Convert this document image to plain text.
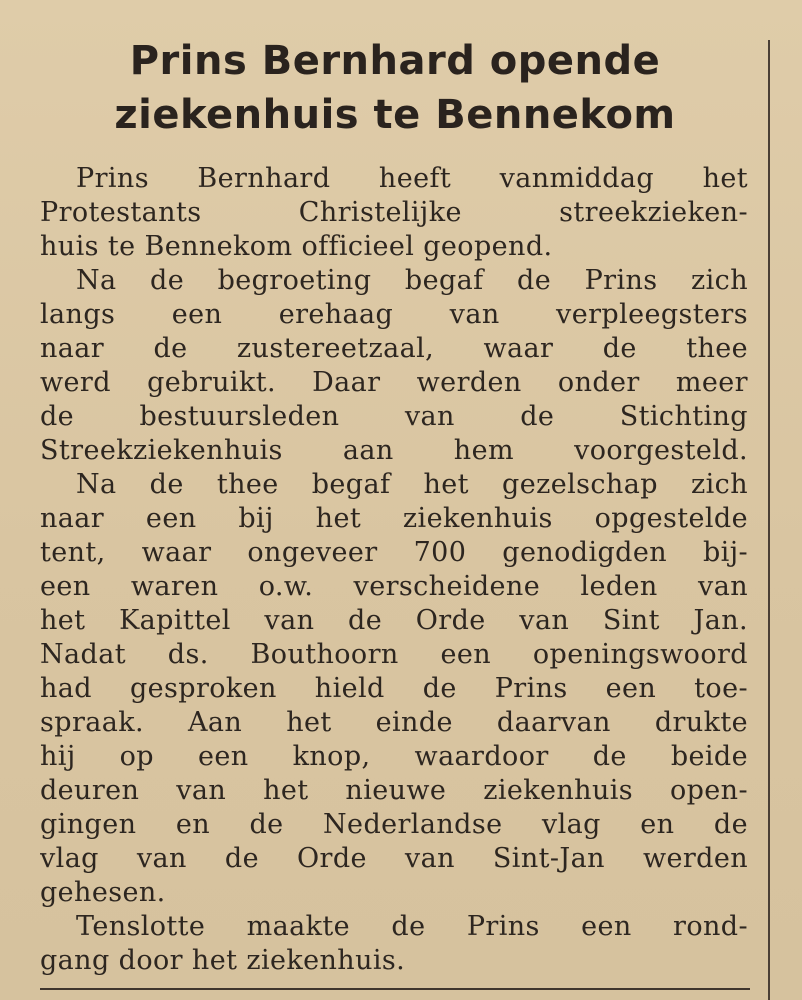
Prins Bernhard opende
ziekenhuis te Bennekom
Prins Bernhard heeft vanmiddag het
Protestants Christelijke streekzieken-
huis te Bennekom officieel geopend.
Na de begroeting begaf de Prins zich
langs een erehaag van verpleegsters
naar de zustereetzaal, waar de thee
werd gebruikt. Daar werden onder meer
de bestuursleden van de Stichting
Streekziekenhuis aan hem voorgesteld.
Na de thee begaf het gezelschap zich
naar een bij het ziekenhuis opgestelde
tent, waar ongeveer 700 genodigden bij-
een waren o.w. verscheidene leden van
het Kapittel van de Orde van Sint Jan.
Nadat ds. Bouthoorn een openingswoord
had gesproken hield de Prins een toe-
spraak. Aan het einde daarvan drukte
hij op een knop, waardoor de beide
deuren van het nieuwe ziekenhuis open-
gingen en de Nederlandse vlag en de
vlag van de Orde van Sint-Jan werden
gehesen.
Tenslotte maakte de Prins een rond-
gang door het ziekenhuis.
